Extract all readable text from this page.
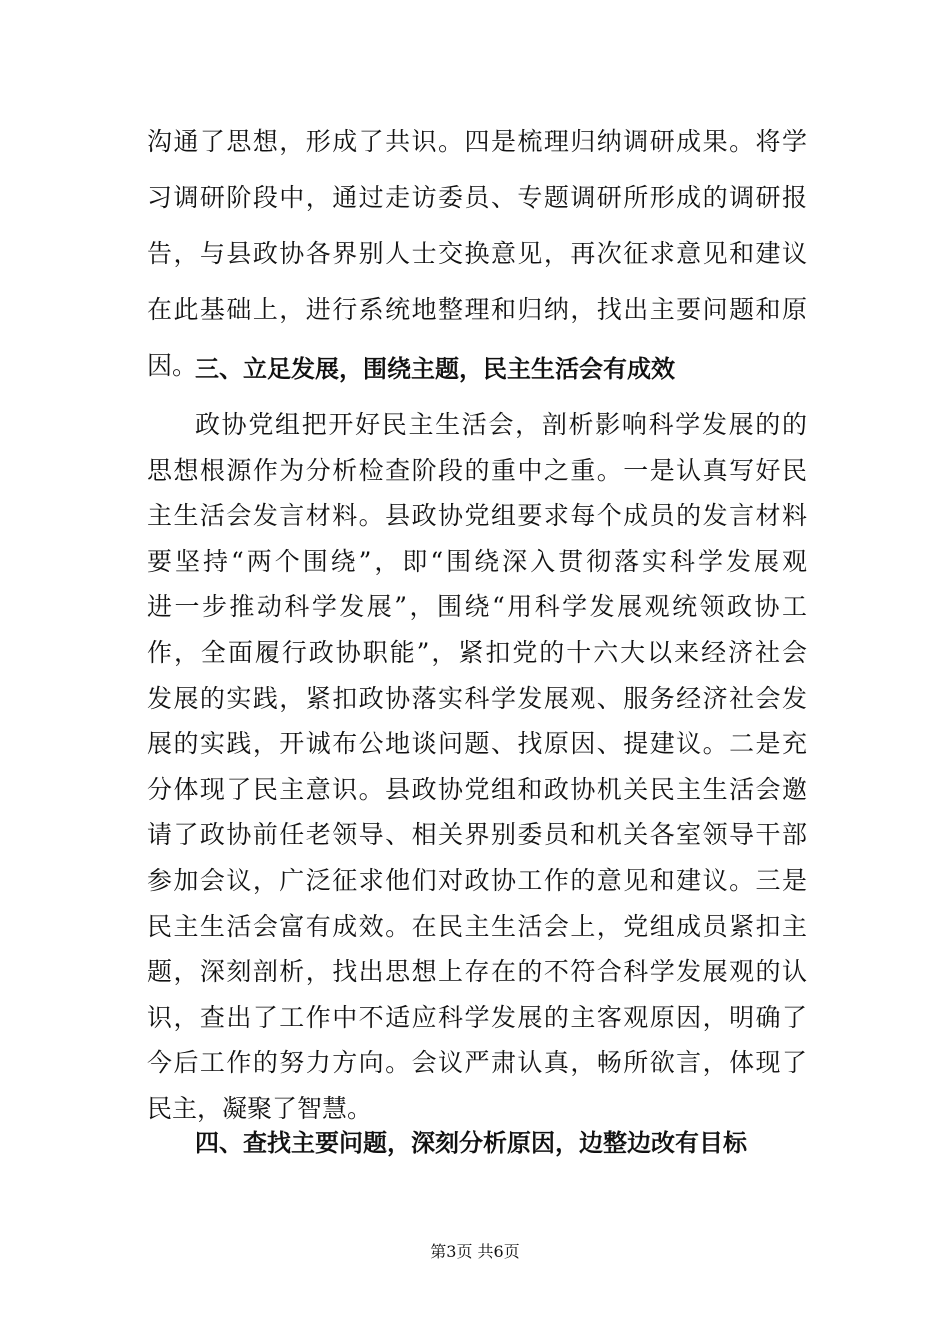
沟通了思想，形成了共识。四是梳理归纳调研成果。将学
习调研阶段中，通过走访委员、专题调研所形成的调研报
告，与县政协各界别人士交换意见，再次征求意见和建议
在此基础上，进行系统地整理和归纳，找出主要问题和原
因。
三、立足发展，围绕主题，民主生活会有成效
政协党组把开好民主生活会，剖析影响科学发展的的
思想根源作为分析检查阶段的重中之重。一是认真写好民
主生活会发言材料。县政协党组要求每个成员的发言材料
要坚持“两个围绕”，即“围绕深入贯彻落实科学发展观
进一步推动科学发展”，围绕“用科学发展观统领政协工
作，全面履行政协职能”，紧扣党的十六大以来经济社会
发展的实践，紧扣政协落实科学发展观、服务经济社会发
展的实践，开诚布公地谈问题、找原因、提建议。二是充
分体现了民主意识。县政协党组和政协机关民主生活会邀
请了政协前任老领导、相关界别委员和机关各室领导干部
参加会议，广泛征求他们对政协工作的意见和建议。三是
民主生活会富有成效。在民主生活会上，党组成员紧扣主
题，深刻剖析，找出思想上存在的不符合科学发展观的认
识，查出了工作中不适应科学发展的主客观原因，明确了
今后工作的努力方向。会议严肃认真，畅所欲言，体现了
民主，凝聚了智慧。
四、查找主要问题，深刻分析原因，边整边改有目标
第3页 共6页
